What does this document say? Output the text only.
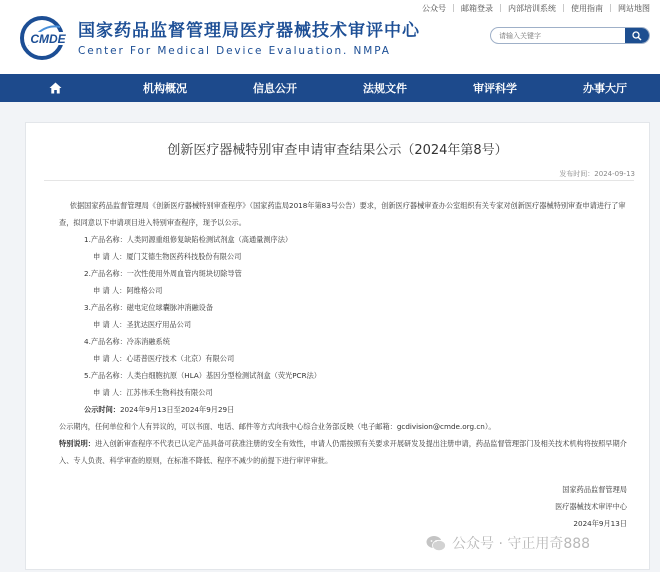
公众号 邮箱登录 内部培训系统 使用指南 网站地图
CMDE 国家药品监督管理局医疗器械技术审评中心
Center For Medical Device Evaluation. NMPA
请输入关键字
机构概况	信息公开	法规文件	审评科学	办事大厅
创新医疗器械特别审查申请审查结果公示（2024年第8号）
发布时间：2024-09-13

依据国家药品监督管理局《创新医疗器械特别审查程序》（国家药监局2018年第83号公告）要求，创新医疗器械审查办公室组织有关专家对创新医疗器械特别审查申请进行了审查，拟同意以下申请项目进入特别审查程序，现予以公示。

1.产品名称：人类同源重组修复缺陷检测试剂盒（高通量测序法）

申 请 人：厦门艾德生物医药科技股份有限公司

2.产品名称：一次性使用外周血管内斑块切除导管

申 请 人：阿维格公司

3.产品名称：磁电定位球囊脉冲消融设备

申 请 人：圣犹达医疗用品公司

4.产品名称：冷冻消融系统

申 请 人：心诺普医疗技术（北京）有限公司

5.产品名称：人类白细胞抗原（HLA）基因分型检测试剂盒（荧光PCR法）

申 请 人：江苏伟禾生物科技有限公司

公示时间：2024年9月13日至2024年9月29日

公示期内，任何单位和个人有异议的，可以书面、电话、邮件等方式向我中心综合业务部反映（电子邮箱：gcdivision@cmde.org.cn）。

特别说明：进入创新审查程序不代表已认定产品具备可获准注册的安全有效性，申请人仍需按照有关要求开展研发及提出注册申请，药品监督管理部门及相关技术机构将按照早期介入、专人负责、科学审查的原则，在标准不降低、程序不减少的前提下进行审评审批。

国家药品监督管理局
医疗器械技术审评中心
2024年9月13日
公众号 · 守正用奇888
